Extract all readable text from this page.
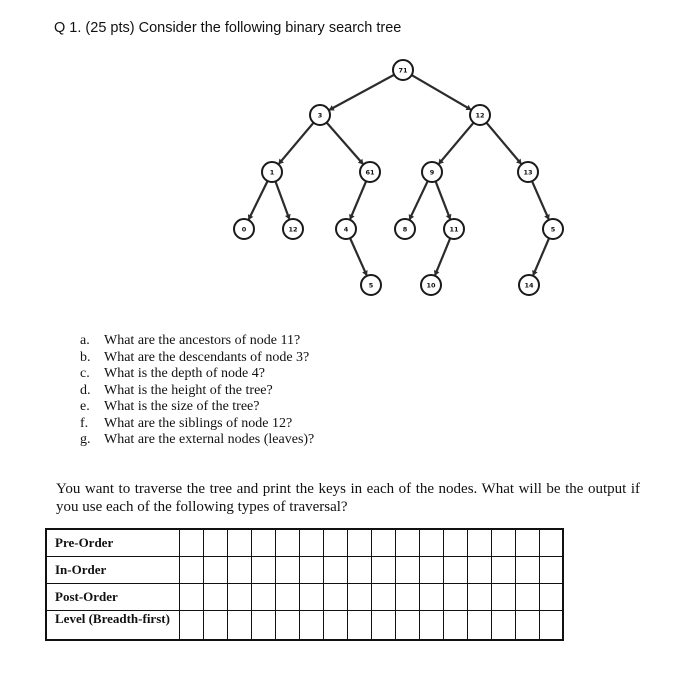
Q 1. (25 pts) Consider the following binary search tree
71
3	12
1	61	9	13
0	12	4	8	11	5
5	10	14
a. What are the ancestors of node 11?
b. What are the descendants of node 3?
c. What is the depth of node 4?
d. What is the height of the tree?
e. What is the size of the tree?
f. What are the siblings of node 12?
g. What are the external nodes (leaves)?

You want to traverse the tree and print the keys in each of the nodes. What will be the output if you use each of the following types of traversal?

Pre-Order																
In-Order																
Post-Order																
Level (Breadth-first)																
